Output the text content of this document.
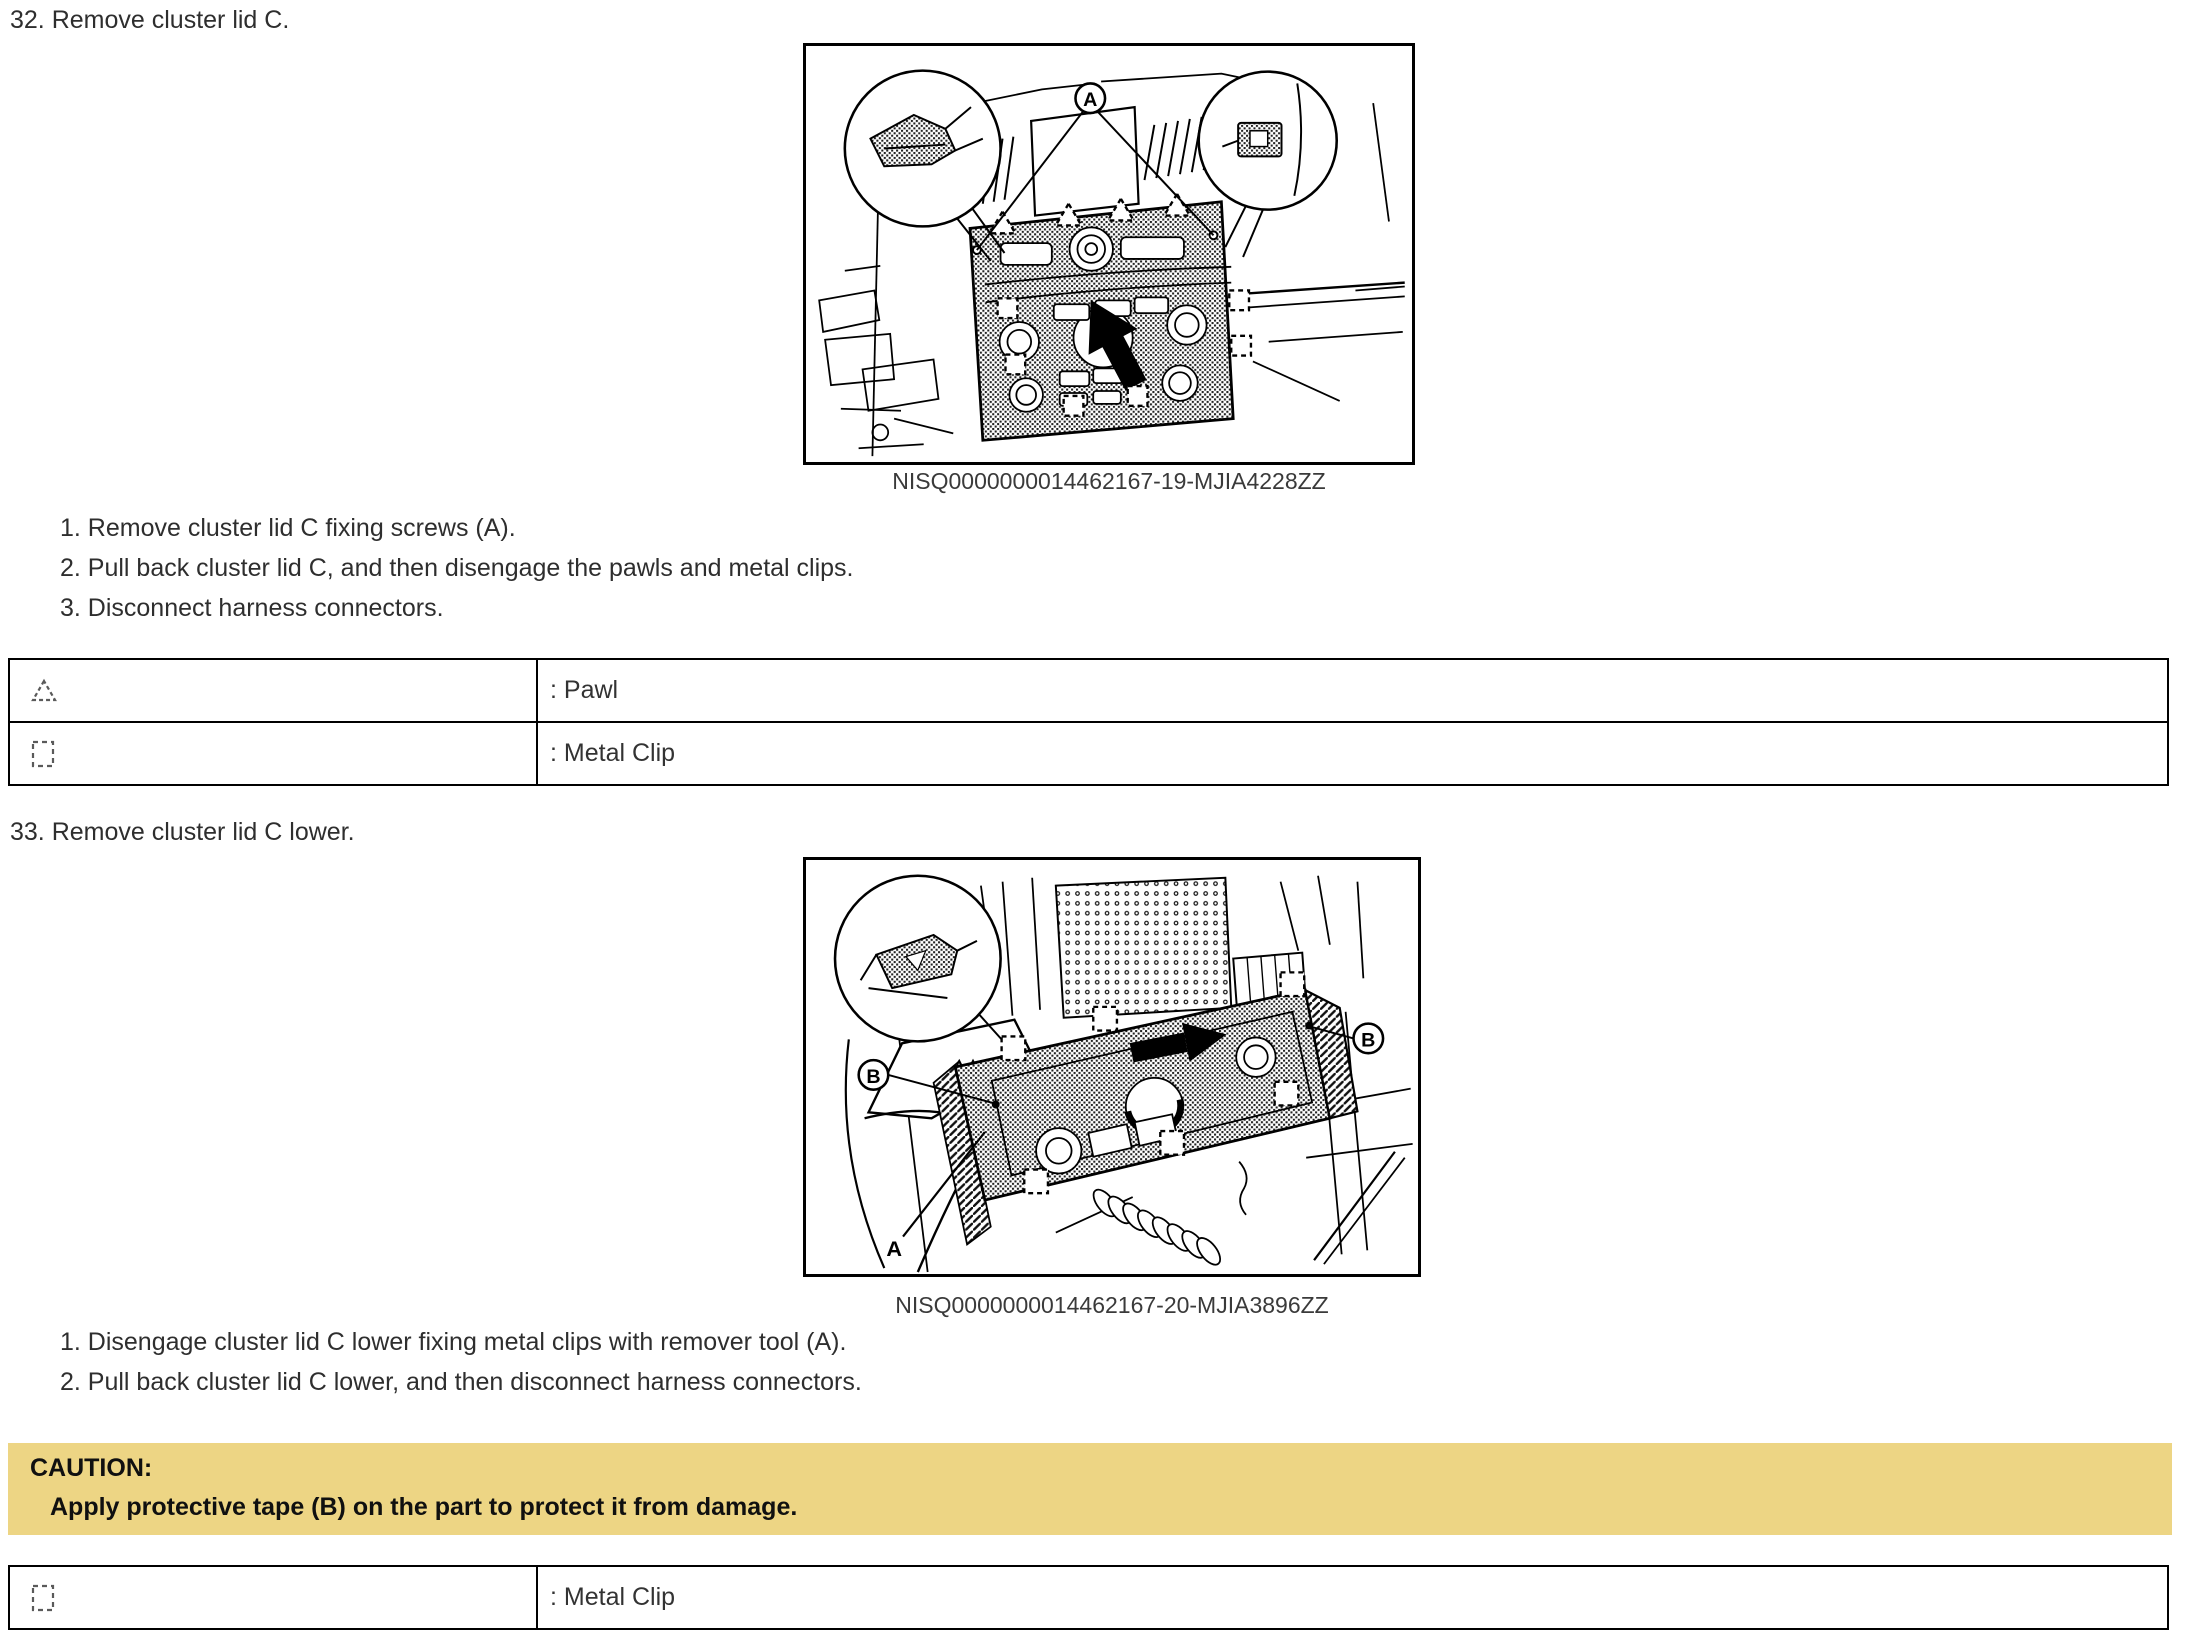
32. Remove cluster lid C.
A
NISQ0000000014462167-19-MJIA4228ZZ
1. Remove cluster lid C fixing screws (A).
2. Pull back cluster lid C, and then disengage the pawls and metal clips.
3. Disconnect harness connectors.
	: Pawl
	: Metal Clip
33. Remove cluster lid C lower.
B
B
A
NISQ0000000014462167-20-MJIA3896ZZ
1. Disengage cluster lid C lower fixing metal clips with remover tool (A).
2. Pull back cluster lid C lower, and then disconnect harness connectors.
CAUTION:
Apply protective tape (B) on the part to protect it from damage.
	: Metal Clip
